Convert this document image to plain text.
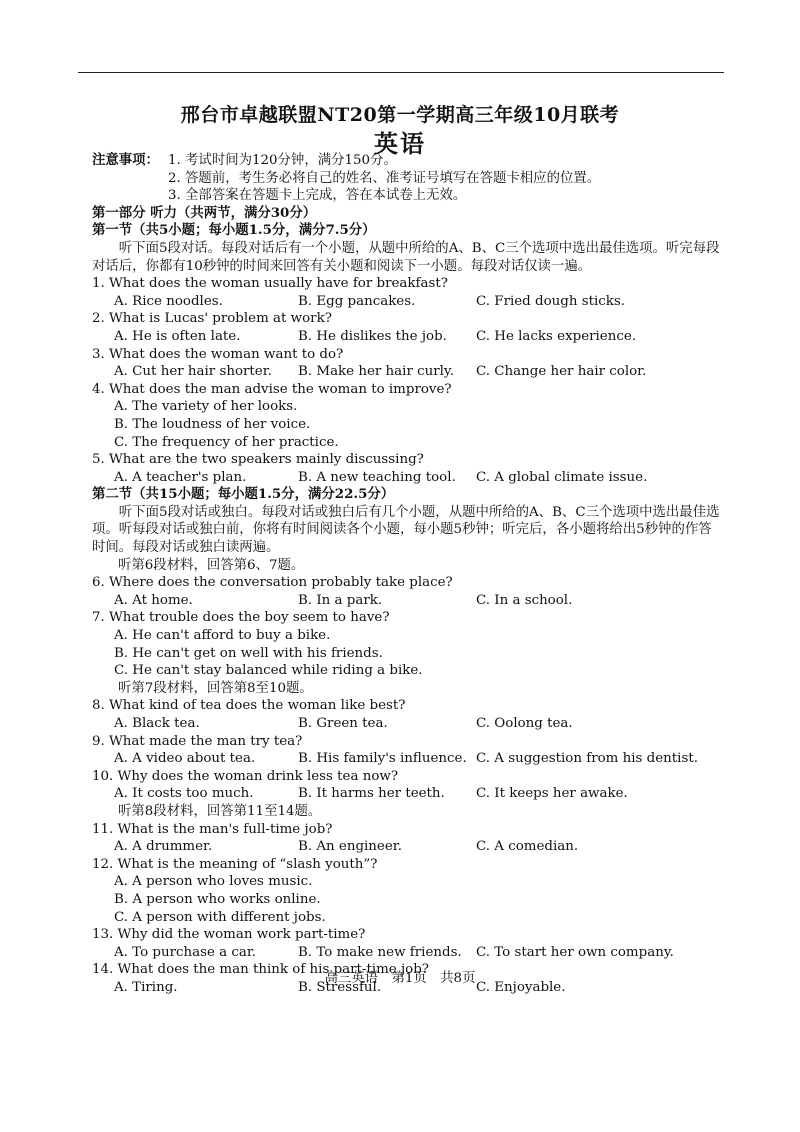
邢台市卓越联盟NT20第一学期高三年级10月联考
英语
注意事项： 1. 考试时间为120分钟，满分150分。

2. 答题前，考生务必将自己的姓名、准考证号填写在答题卡相应的位置。

3. 全部答案在答题卡上完成，答在本试卷上无效。

第一部分 听力（共两节，满分30分）

第一节（共5小题；每小题1.5分，满分7.5分）

听下面5段对话。每段对话后有一个小题，从题中所给的A、B、C三个选项中选出最佳选项。听完每段对话后，你都有10秒钟的时间来回答有关小题和阅读下一小题。每段对话仅读一遍。

1. What does the woman usually have for breakfast?

A. Rice noodles.	B. Egg pancakes.	C. Fried dough sticks.

2. What is Lucas' problem at work?

A. He is often late.	B. He dislikes the job.	C. He lacks experience.

3. What does the woman want to do?

A. Cut her hair shorter.	B. Make her hair curly.	C. Change her hair color.

4. What does the man advise the woman to improve?

A. The variety of her looks.

B. The loudness of her voice.

C. The frequency of her practice.

5. What are the two speakers mainly discussing?

A. A teacher's plan.	B. A new teaching tool.	C. A global climate issue.

第二节（共15小题；每小题1.5分，满分22.5分）

听下面5段对话或独白。每段对话或独白后有几个小题，从题中所给的A、B、C三个选项中选出最佳选项。听每段对话或独白前，你将有时间阅读各个小题，每小题5秒钟；听完后，各小题将给出5秒钟的作答时间。每段对话或独白读两遍。

听第6段材料，回答第6、7题。

6. Where does the conversation probably take place?

A. At home.	B. In a park.	C. In a school.

7. What trouble does the boy seem to have?

A. He can't afford to buy a bike.

B. He can't get on well with his friends.

C. He can't stay balanced while riding a bike.

听第7段材料，回答第8至10题。

8. What kind of tea does the woman like best?

A. Black tea.	B. Green tea.	C. Oolong tea.

9. What made the man try tea?

A. A video about tea.	B. His family's influence. C. A suggestion from his dentist.

10. Why does the woman drink less tea now?

A. It costs too much.	B. It harms her teeth.	C. It keeps her awake.

听第8段材料，回答第11至14题。

11. What is the man's full-time job?

A. A drummer.	B. An engineer.	C. A comedian.

12. What is the meaning of “slash youth”?

A. A person who loves music.

B. A person who works online.

C. A person with different jobs.

13. Why did the woman work part-time?

A. To purchase a car.	B. To make new friends.	C. To start her own company.

14. What does the man think of his part-time job?

A. Tiring.	B. Stressful.	C. Enjoyable.
高三英语　第1页　共8页
